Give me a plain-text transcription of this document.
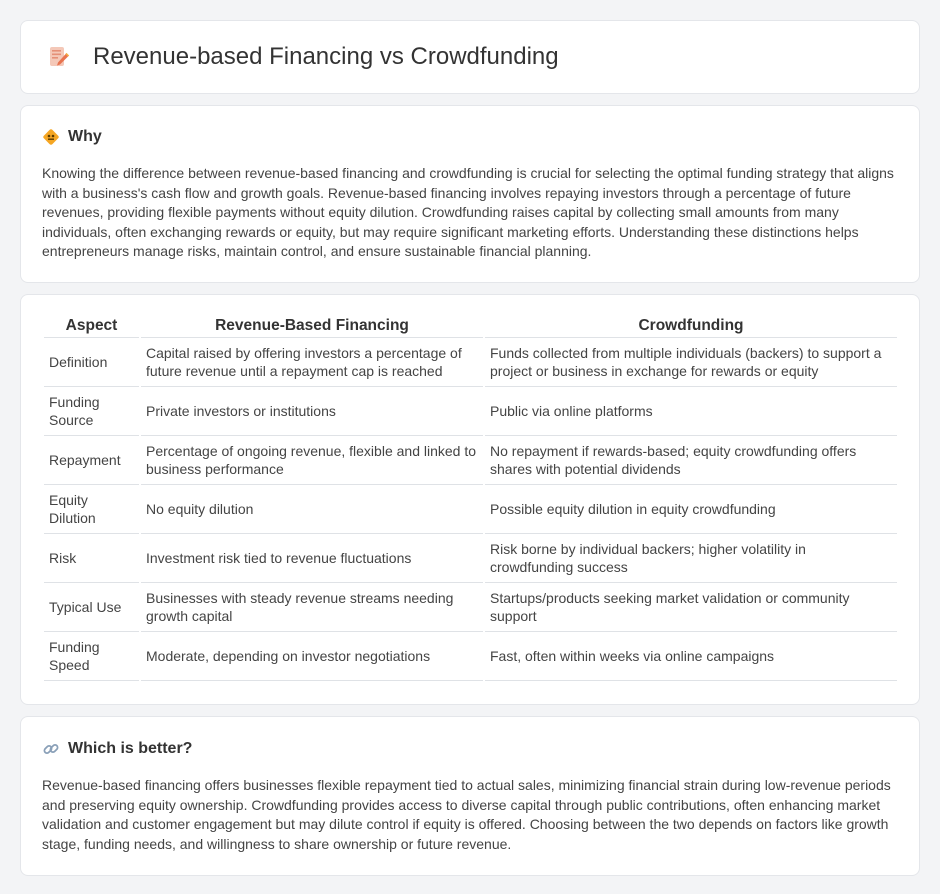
Revenue-based Financing vs Crowdfunding
Why

Knowing the difference between revenue-based financing and crowdfunding is crucial for selecting the optimal funding strategy that aligns with a business's cash flow and growth goals. Revenue-based financing involves repaying investors through a percentage of future revenues, providing flexible payments without equity dilution. Crowdfunding raises capital by collecting small amounts from many individuals, often exchanging rewards or equity, but may require significant marketing efforts. Understanding these distinctions helps entrepreneurs manage risks, maintain control, and ensure sustainable financial planning.

Aspect	Revenue-Based Financing	Crowdfunding
Definition	Capital raised by offering investors a percentage of future revenue until a repayment cap is reached	Funds collected from multiple individuals (backers) to support a project or business in exchange for rewards or equity
Funding Source	Private investors or institutions	Public via online platforms
Repayment	Percentage of ongoing revenue, flexible and linked to business performance	No repayment if rewards-based; equity crowdfunding offers shares with potential dividends
Equity Dilution	No equity dilution	Possible equity dilution in equity crowdfunding
Risk	Investment risk tied to revenue fluctuations	Risk borne by individual backers; higher volatility in crowdfunding success
Typical Use	Businesses with steady revenue streams needing growth capital	Startups/products seeking market validation or community support
Funding Speed	Moderate, depending on investor negotiations	Fast, often within weeks via online campaigns
Which is better?

Revenue-based financing offers businesses flexible repayment tied to actual sales, minimizing financial strain during low-revenue periods and preserving equity ownership. Crowdfunding provides access to diverse capital through public contributions, often enhancing market validation and customer engagement but may dilute control if equity is offered. Choosing between the two depends on factors like growth stage, funding needs, and willingness to share ownership or future revenue.
